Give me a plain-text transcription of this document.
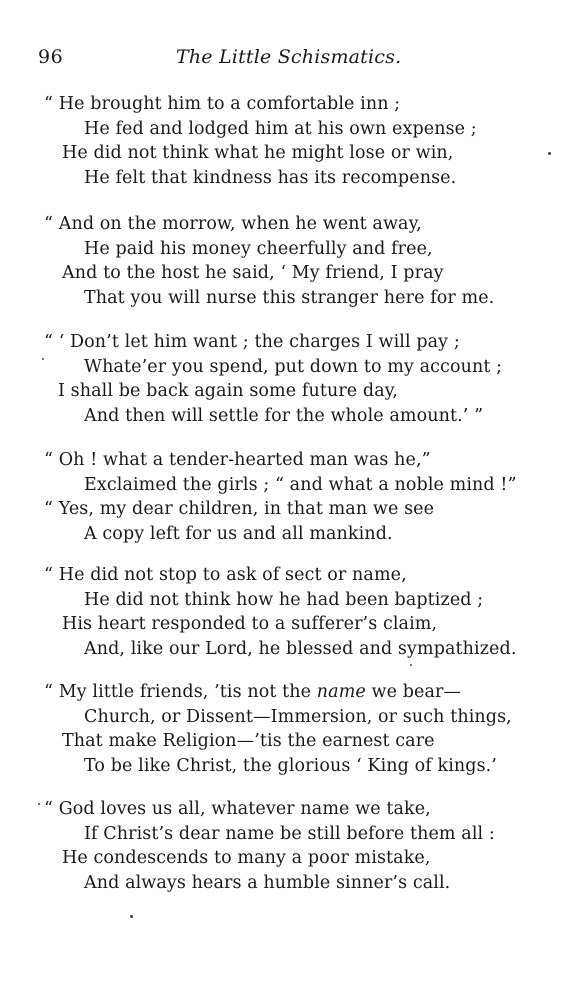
96	The Little Schismatics.
“ He brought him to a comfortable inn ;
He fed and lodged him at his own expense ;
He did not think what he might lose or win,
He felt that kindness has its recompense.
“ And on the morrow, when he went away,
He paid his money cheerfully and free,
And to the host he said, ‘ My friend, I pray
That you will nurse this stranger here for me.
“ ‘ Don’t let him want ; the charges I will pay ;
Whate’er you spend, put down to my account ;
I shall be back again some future day,
And then will settle for the whole amount.’ ”
“ Oh ! what a tender-hearted man was he,”
Exclaimed the girls ; “ and what a noble mind !”
“ Yes, my dear children, in that man we see
A copy left for us and all mankind.
“ He did not stop to ask of sect or name,
He did not think how he had been baptized ;
His heart responded to a sufferer’s claim,
And, like our Lord, he blessed and sympathized.
“ My little friends, ’tis not the name we bear—
Church, or Dissent—Immersion, or such things,
That make Religion—’tis the earnest care
To be like Christ, the glorious ‘ King of kings.’
“ God loves us all, whatever name we take,
If Christ’s dear name be still before them all :
He condescends to many a poor mistake,
And always hears a humble sinner’s call.
